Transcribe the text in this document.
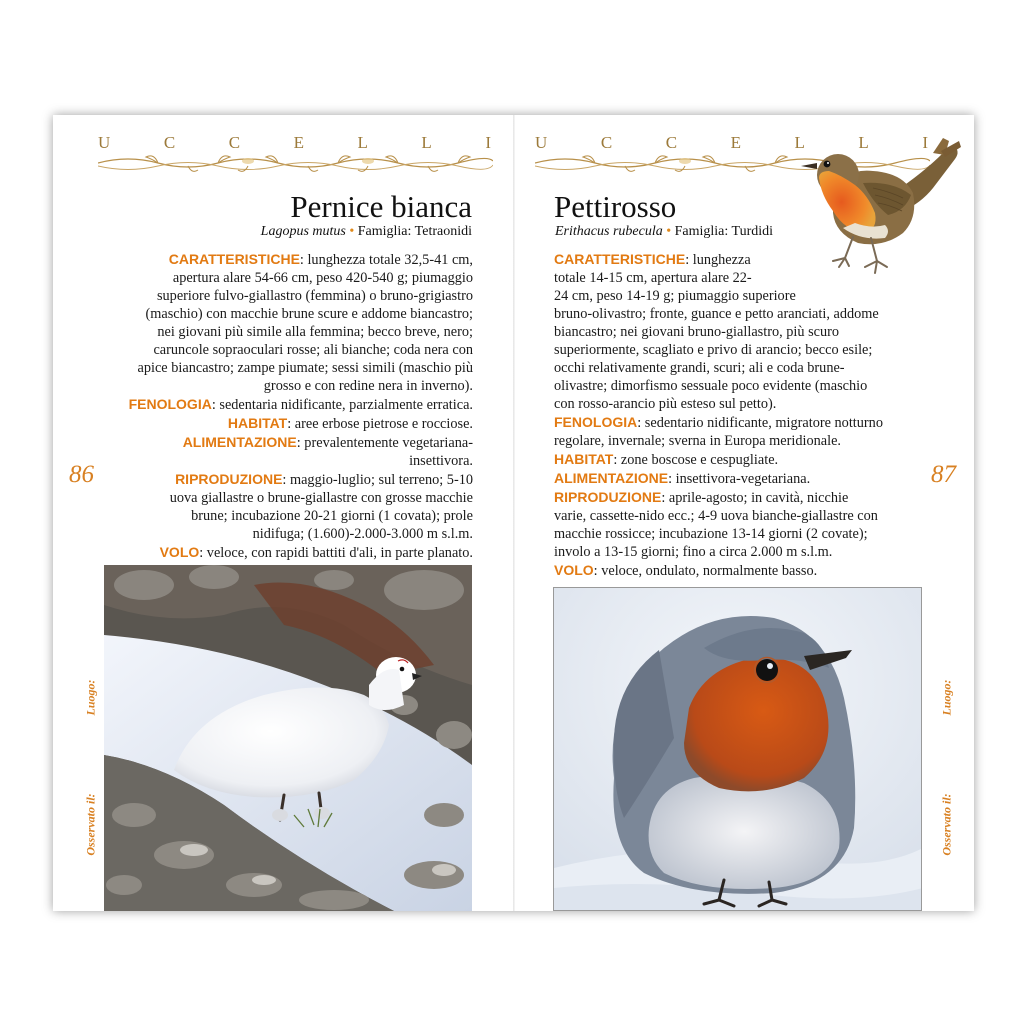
U	C	C	E	L	L	I
Pernice bianca
Lagopus mutus • Famiglia: Tetraonidi
CARATTERISTICHE: lunghezza totale 32,5-41 cm,
apertura alare 54-66 cm, peso 420-540 g; piumaggio
superiore fulvo-giallastro (femmina) o bruno-grigiastro
(maschio) con macchie brune scure e addome biancastro;
nei giovani più simile alla femmina; becco breve, nero;
caruncole sopraoculari rosse; ali bianche; coda nera con
apice biancastro; zampe piumate; sessi simili (maschio più
grosso e con redine nera in inverno).
FENOLOGIA: sedentaria nidificante, parzialmente erratica.
HABITAT: aree erbose pietrose e rocciose.
ALIMENTAZIONE: prevalentemente vegetariana-
insettivora.
RIPRODUZIONE: maggio-luglio; sul terreno; 5-10
uova giallastre o brune-giallastre con grosse macchie
brune; incubazione 20-21 giorni (1 covata); prole
nidifuga; (1.600)-2.000-3.000 m s.l.m.
VOLO: veloce, con rapidi battiti d'ali, in parte planato.
86
Luogo:
Osservato il:
U	C	C	E	L	L	I
Pettirosso
Erithacus rubecula • Famiglia: Turdidi
CARATTERISTICHE: lunghezza
totale 14-15 cm, apertura alare 22-
24 cm, peso 14-19 g; piumaggio superiore
bruno-olivastro; fronte, guance e petto aranciati, addome
biancastro; nei giovani bruno-giallastro, più scuro
superiormente, scagliato e privo di arancio; becco esile;
occhi relativamente grandi, scuri; ali e coda brune-
olivastre; dimorfismo sessuale poco evidente (maschio
con rosso-arancio più esteso sul petto).
FENOLOGIA: sedentario nidificante, migratore notturno
regolare, invernale; sverna in Europa meridionale.
HABITAT: zone boscose e cespugliate.
ALIMENTAZIONE: insettivora-vegetariana.
RIPRODUZIONE: aprile-agosto; in cavità, nicchie
varie, cassette-nido ecc.; 4-9 uova bianche-giallastre con
macchie rossicce; incubazione 13-14 giorni (2 covate);
involo a 13-15 giorni; fino a circa 2.000 m s.l.m.
VOLO: veloce, ondulato, normalmente basso.
87
Luogo:
Osservato il:
